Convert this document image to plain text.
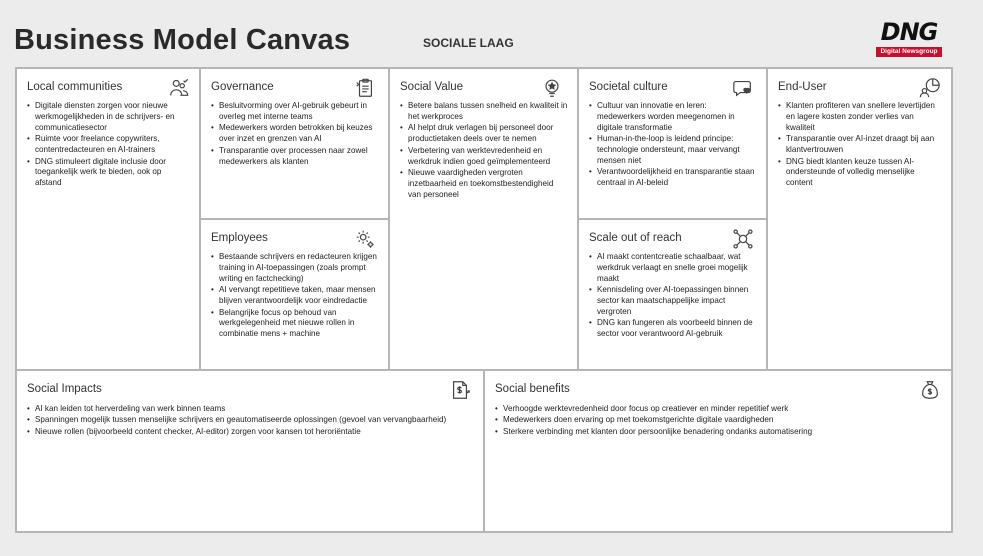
Business Model Canvas	SOCIALE LAAG	DNG
Digital Newsgroup
Local communities
• Digitale diensten zorgen voor nieuwe werkmogelijkheden in de schrijvers- en communicatiesector
• Ruimte voor freelance copywriters, contentredacteuren en AI-trainers
• DNG stimuleert digitale inclusie door toegankelijk werk te bieden, ook op afstand
Governance
• Besluitvorming over AI-gebruik gebeurt in overleg met interne teams
• Medewerkers worden betrokken bij keuzes over inzet en grenzen van AI
• Transparantie over processen naar zowel medewerkers als klanten
Employees
• Bestaande schrijvers en redacteuren krijgen training in AI-toepassingen (zoals prompt writing en factchecking)
• AI vervangt repetitieve taken, maar mensen blijven verantwoordelijk voor eindredactie
• Belangrijke focus op behoud van werkgelegenheid met nieuwe rollen in combinatie mens + machine
Social Value
• Betere balans tussen snelheid en kwaliteit in het werkproces
• AI helpt druk verlagen bij personeel door productietaken deels over te nemen
• Verbetering van werktevredenheid en werkdruk indien goed geïmplementeerd
• Nieuwe vaardigheden vergroten inzetbaarheid en toekomstbestendigheid van personeel
Societal culture
• Cultuur van innovatie en leren: medewerkers worden meegenomen in digitale transformatie
• Human-in-the-loop is leidend principe: technologie ondersteunt, maar vervangt mensen niet
• Verantwoordelijkheid en transparantie staan centraal in AI-beleid
Scale out of reach
• AI maakt contentcreatie schaalbaar, wat werkdruk verlaagt en snelle groei mogelijk maakt
• Kennisdeling over AI-toepassingen binnen sector kan maatschappelijke impact vergroten
• DNG kan fungeren als voorbeeld binnen de sector voor verantwoord AI-gebruik
End-User
• Klanten profiteren van snellere levertijden en lagere kosten zonder verlies van kwaliteit
• Transparantie over AI-inzet draagt bij aan klantvertrouwen
• DNG biedt klanten keuze tussen AI-ondersteunde of volledig menselijke content
Social Impacts
• AI kan leiden tot herverdeling van werk binnen teams
• Spanningen mogelijk tussen menselijke schrijvers en geautomatiseerde oplossingen (gevoel van vervangbaarheid)
• Nieuwe rollen (bijvoorbeeld content checker, AI-editor) zorgen voor kansen tot heroriëntatie
Social benefits
• Verhoogde werktevredenheid door focus op creatiever en minder repetitief werk
• Medewerkers doen ervaring op met toekomstgerichte digitale vaardigheden
• Sterkere verbinding met klanten door persoonlijke benadering ondanks automatisering
